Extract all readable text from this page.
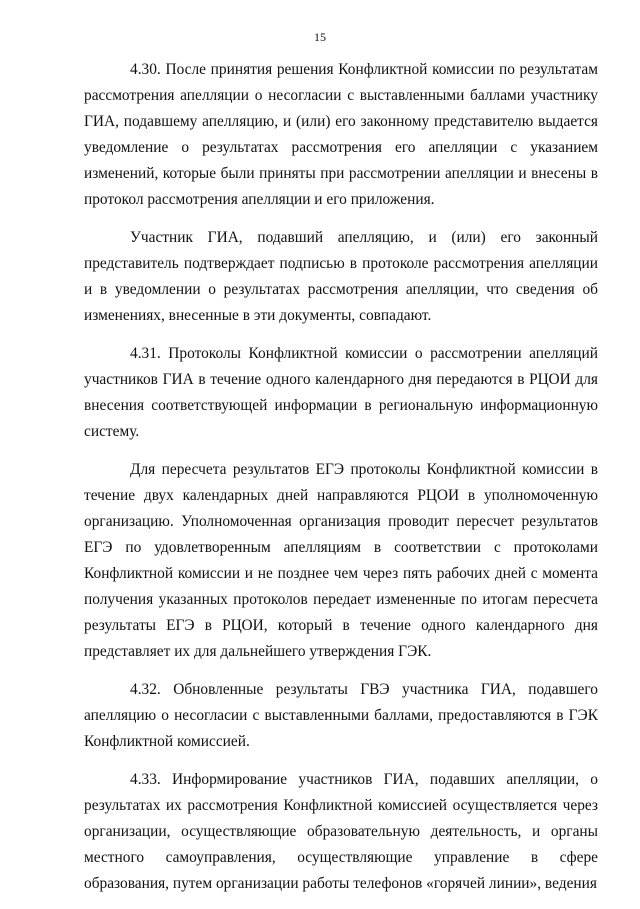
15

4.30. После принятия решения Конфликтной комиссии по результатам рассмотрения апелляции о несогласии с выставленными баллами участнику ГИА, подавшему апелляцию, и (или) его законному представителю выдается уведомление о результатах рассмотрения его апелляции с указанием изменений, которые были приняты при рассмотрении апелляции и внесены в протокол рассмотрения апелляции и его приложения.

Участник ГИА, подавший апелляцию, и (или) его законный представитель подтверждает подписью в протоколе рассмотрения апелляции и в уведомлении о результатах рассмотрения апелляции, что сведения об изменениях, внесенные в эти документы, совпадают.

4.31. Протоколы Конфликтной комиссии о рассмотрении апелляций участников ГИА в течение одного календарного дня передаются в РЦОИ для внесения соответствующей информации в региональную информационную систему.

Для пересчета результатов ЕГЭ протоколы Конфликтной комиссии в течение двух календарных дней направляются РЦОИ в уполномоченную организацию. Уполномоченная организация проводит пересчет результатов ЕГЭ по удовлетворенным апелляциям в соответствии с протоколами Конфликтной комиссии и не позднее чем через пять рабочих дней с момента получения указанных протоколов передает измененные по итогам пересчета результаты ЕГЭ в РЦОИ, который в течение одного календарного дня представляет их для дальнейшего утверждения ГЭК.

4.32. Обновленные результаты ГВЭ участника ГИА, подавшего апелляцию о несогласии с выставленными баллами, предоставляются в ГЭК Конфликтной комиссией.

4.33. Информирование участников ГИА, подавших апелляции, о результатах их рассмотрения Конфликтной комиссией осуществляется через организации, осуществляющие образовательную деятельность, и органы местного самоуправления, осуществляющие управление в сфере образования, путем организации работы телефонов «горячей линии», ведения
